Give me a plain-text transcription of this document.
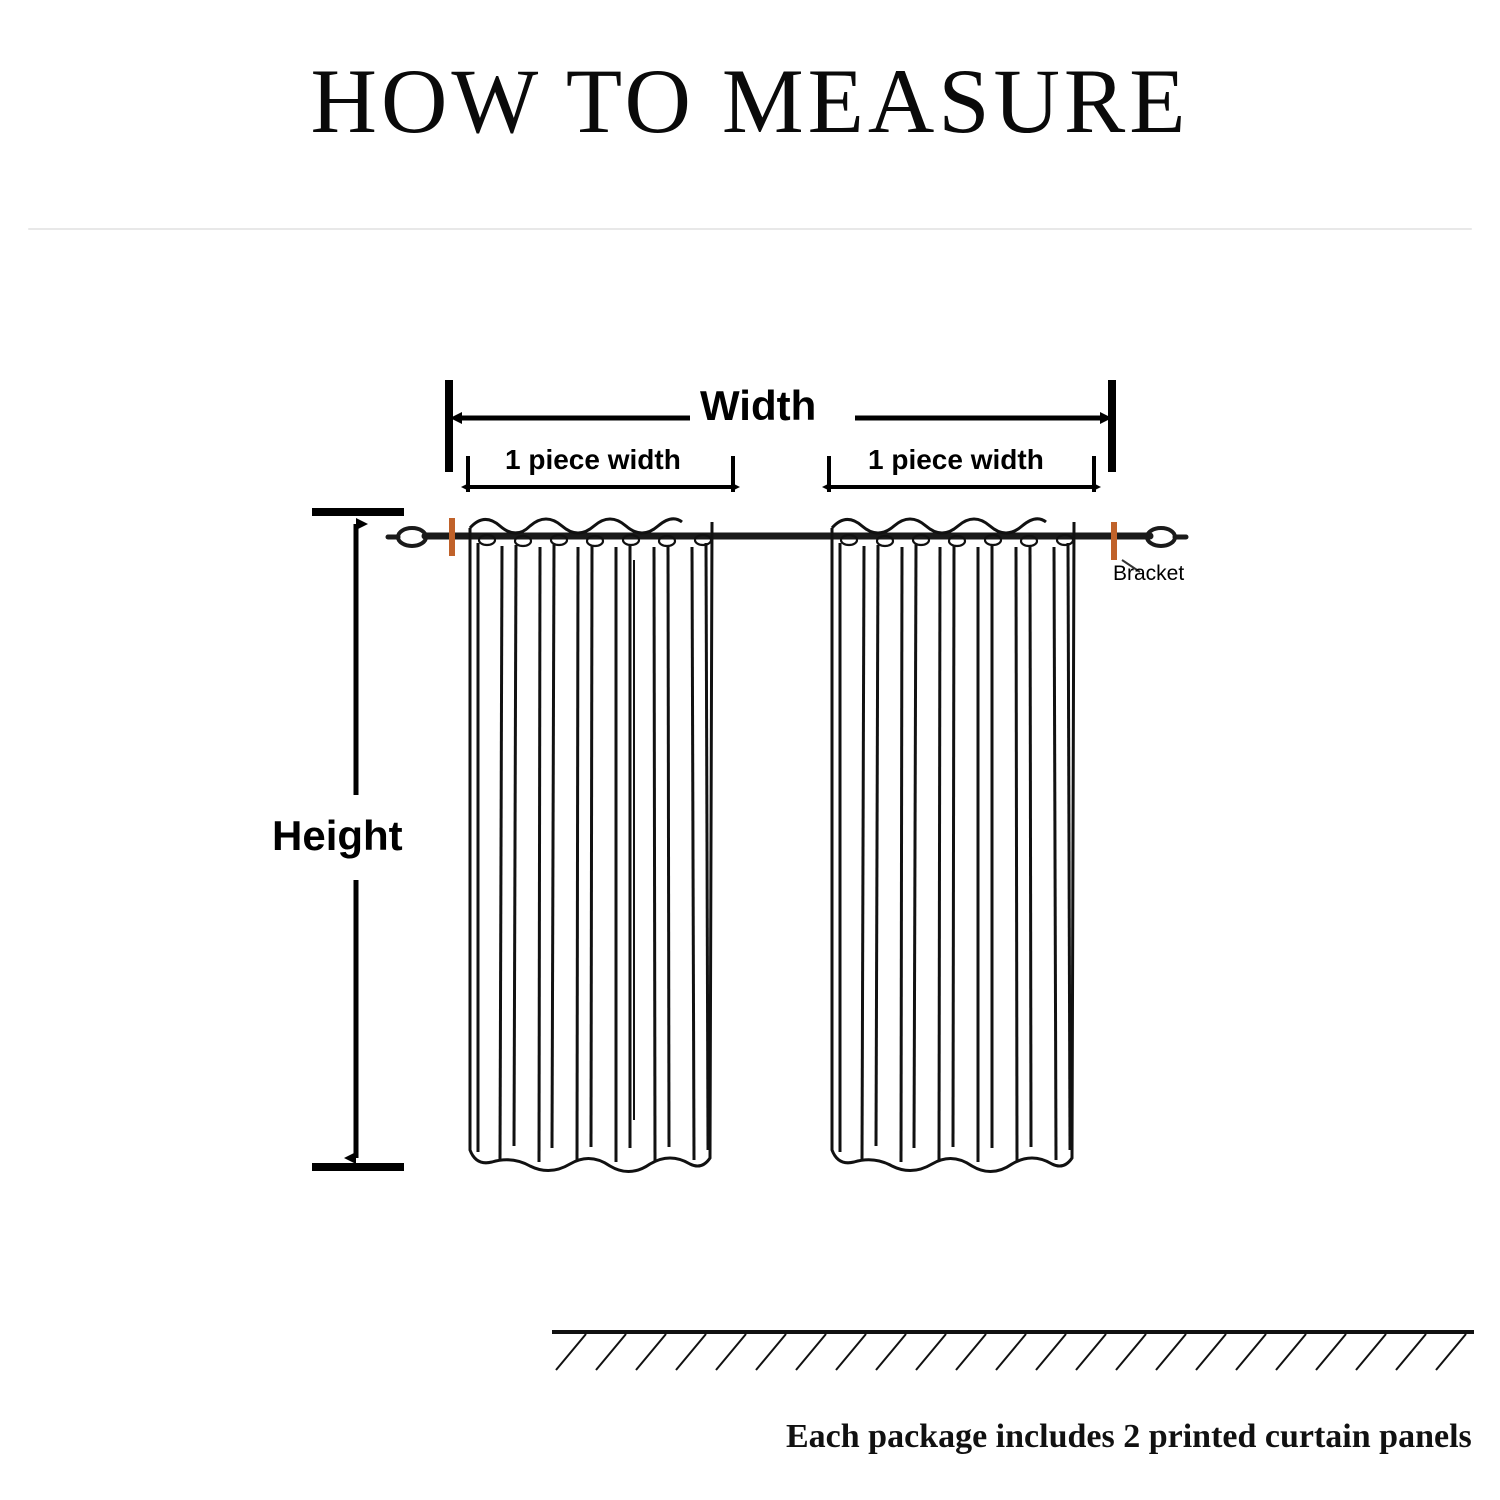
HOW TO MEASURE
Width
Height
1 piece width	1 piece width
Bracket
Each package includes 2 printed curtain panels
